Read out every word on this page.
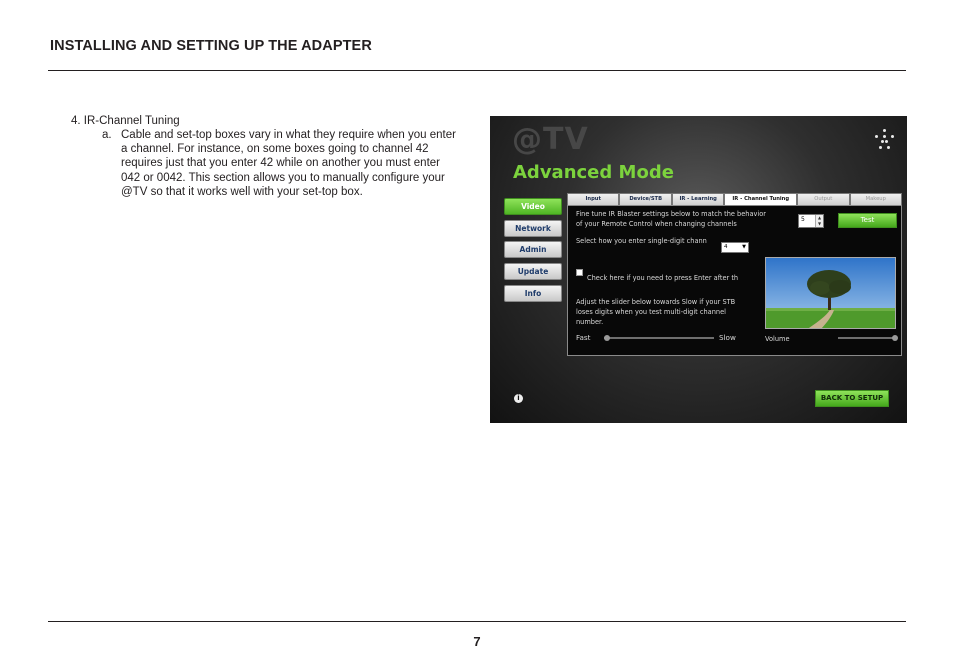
INSTALLING AND SETTING UP THE ADAPTER
4. IR-Channel Tuning
a. Cable and set-top boxes vary in what they require when you enter a channel. For instance, on some boxes going to channel 42 requires just that you enter 42 while on another you must enter 042 or 0042. This section allows you to manually configure your @TV so that it works well with your set-top box.
@TV
Advanced Mode
Video
Network
Admin
Update
Info
Input	Device/STB	IR - Learning	IR - Channel Tuning	Output	Makeup
Fine tune IR Blaster settings below to match the behavior
of your Remote Control when changing channels
5	▲
▼	Test
Select how you enter single-digit chann
4	▼
Check here if you need to press Enter after th
Adjust the slider below towards Slow if your STB
loses digits when you test multi-digit channel
number.
Fast	Slow	Volume
i	BACK TO SETUP
7
